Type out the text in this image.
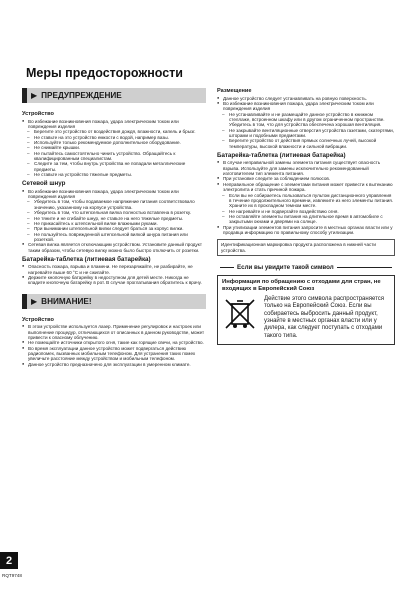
Меры предосторожности
▶ ПРЕДУПРЕЖДЕНИЕ
Устройство
● Во избежание возникновения пожара, удара электрическим током или повреждения изделия
– Берегите это устройство от воздействия дождя, влажности, капель и брызг.
– Не ставьте на это устройство емкости с водой, например вазы.
– Используйте только рекомендуемое дополнительное оборудование.
– Не снимайте крышки.
– Не пытайтесь самостоятельно чинить устройство. Обращайтесь к квалифицированным специалистам.
– Следите за тем, чтобы внутрь устройства не попадали металлические предметы.
– Не ставьте на устройство тяжелые предметы.
Сетевой шнур
● Во избежание возникновения пожара, удара электрическим током или повреждения изделия
– Убедитесь в том, чтобы подаваемое напряжение питания соответствовало значению, указанному на корпусе устройства.
– Убедитесь в том, что штепсельная вилка полностью вставлена в розетку.
– Не тяните и не сгибайте шнур, не ставьте на него тяжелые предметы.
– Не прикасайтесь к штепсельной вилке влажными руками.
– При вынимании штепсельной вилки следует браться за корпус вилки.
– Не пользуйтесь поврежденной штепсельной вилкой шнура питания или розеткой.
● Сетевая вилка является отключающим устройством. Установите данный продукт таким образом, чтобы сетевую вилку можно было быстро отключить от розетки.
Батарейка-таблетка (литиевая батарейка)
● Опасность пожара, взрыва и пламени. Не перезаряжайте, не разбирайте, не нагревайте выше 60 °C и не сжигайте.
● Держите кнопочную батарейку в недоступном для детей месте. Никогда не кладите кнопочную батарейку в рот. В случае проглатывания обратитесь к врачу.
▶ ВНИМАНИЕ!
Устройство
● В этом устройстве используется лазер. Применение регулировок и настроек или выполнение процедур, отличающихся от описанных в данном руководстве, может привести к опасному облучению.
● Не помещайте источники открытого огня, такие как горящие свечи, на устройство.
● Во время эксплуатации данное устройство может подвергаться действию радиопомех, вызванных мобильным телефоном. Для устранения таких помех увеличьте расстояние между устройством и мобильным телефоном.
● Данное устройство предназначено для эксплуатации в умеренном климате.
Размещение
● Данное устройство следует устанавливать на ровную поверхность.
● Во избежание возникновения пожара, удара электрическим током или повреждения изделия
– Не устанавливайте и не размещайте данное устройство в книжном стеллаже, встроенном шкафу или в другом ограниченном пространстве. Убедитесь в том, что для устройства обеспечена хорошая вентиляция.
– Не закрывайте вентиляционные отверстия устройства газетами, скатертями, шторами и подобными предметами.
– Берегите устройство от действия прямых солнечных лучей, высокой температуры, высокой влажности и сильной вибрации.
Батарейка-таблетка (литиевая батарейка)
● В случае неправильной замены элемента питания существует опасность взрыва. Используйте для замены исключительно рекомендованный изготовителем тип элемента питания.
● При установке следите за соблюдением полюсов.
● Неправильное обращение с элементами питания может привести к вытеканию электролита и стать причиной пожара.
– Если вы не собираетесь пользоваться пультом дистанционного управления в течение продолжительного времени, извлеките из него элементы питания. Храните их в прохладном темном месте.
– Не нагревайте и не подвергайте воздействию огня.
– Не оставляйте элементы питания на длительное время в автомобиле с закрытыми окнами и дверями на солнце.
● При утилизации элементов питания запросите в местных органах власти или у продавца информацию по правильному способу утилизации.
Идентификационная маркировка продукта расположена в нижней части устройства.
Если вы увидите такой символ
Информация по обращению с отходами для стран, не входящих в Европейский Союз
Действие этого символа распространяется только на Европейский Союз. Если вы собираетесь выбросить данный продукт, узнайте в местных органах власти или у дилера, как следует поступать с отходами такого типа.
2
RQT9748
